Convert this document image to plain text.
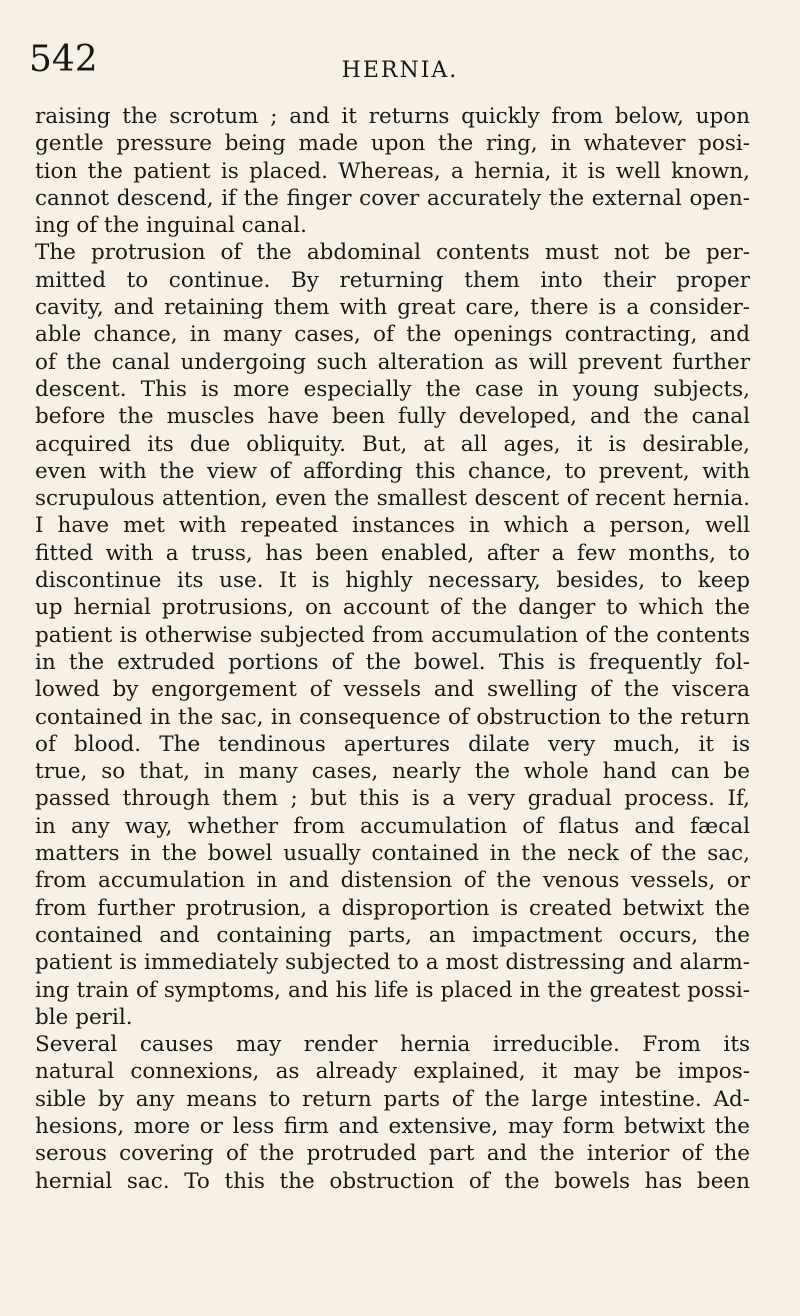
542	HERNIA.
raising the scrotum ; and it returns quickly from below, upon
gentle pressure being made upon the ring, in whatever posi-
tion the patient is placed. Whereas, a hernia, it is well known,
cannot descend, if the finger cover accurately the external open-
ing of the inguinal canal.
The protrusion of the abdominal contents must not be per-
mitted to continue. By returning them into their proper
cavity, and retaining them with great care, there is a consider-
able chance, in many cases, of the openings contracting, and
of the canal undergoing such alteration as will prevent further
descent. This is more especially the case in young subjects,
before the muscles have been fully developed, and the canal
acquired its due obliquity. But, at all ages, it is desirable,
even with the view of affording this chance, to prevent, with
scrupulous attention, even the smallest descent of recent hernia.
I have met with repeated instances in which a person, well
fitted with a truss, has been enabled, after a few months, to
discontinue its use. It is highly necessary, besides, to keep
up hernial protrusions, on account of the danger to which the
patient is otherwise subjected from accumulation of the contents
in the extruded portions of the bowel. This is frequently fol-
lowed by engorgement of vessels and swelling of the viscera
contained in the sac, in consequence of obstruction to the return
of blood. The tendinous apertures dilate very much, it is
true, so that, in many cases, nearly the whole hand can be
passed through them ; but this is a very gradual process. If,
in any way, whether from accumulation of flatus and fæcal
matters in the bowel usually contained in the neck of the sac,
from accumulation in and distension of the venous vessels, or
from further protrusion, a disproportion is created betwixt the
contained and containing parts, an impactment occurs, the
patient is immediately subjected to a most distressing and alarm-
ing train of symptoms, and his life is placed in the greatest possi-
ble peril.
Several causes may render hernia irreducible. From its
natural connexions, as already explained, it may be impos-
sible by any means to return parts of the large intestine. Ad-
hesions, more or less firm and extensive, may form betwixt the
serous covering of the protruded part and the interior of the
hernial sac. To this the obstruction of the bowels has been
